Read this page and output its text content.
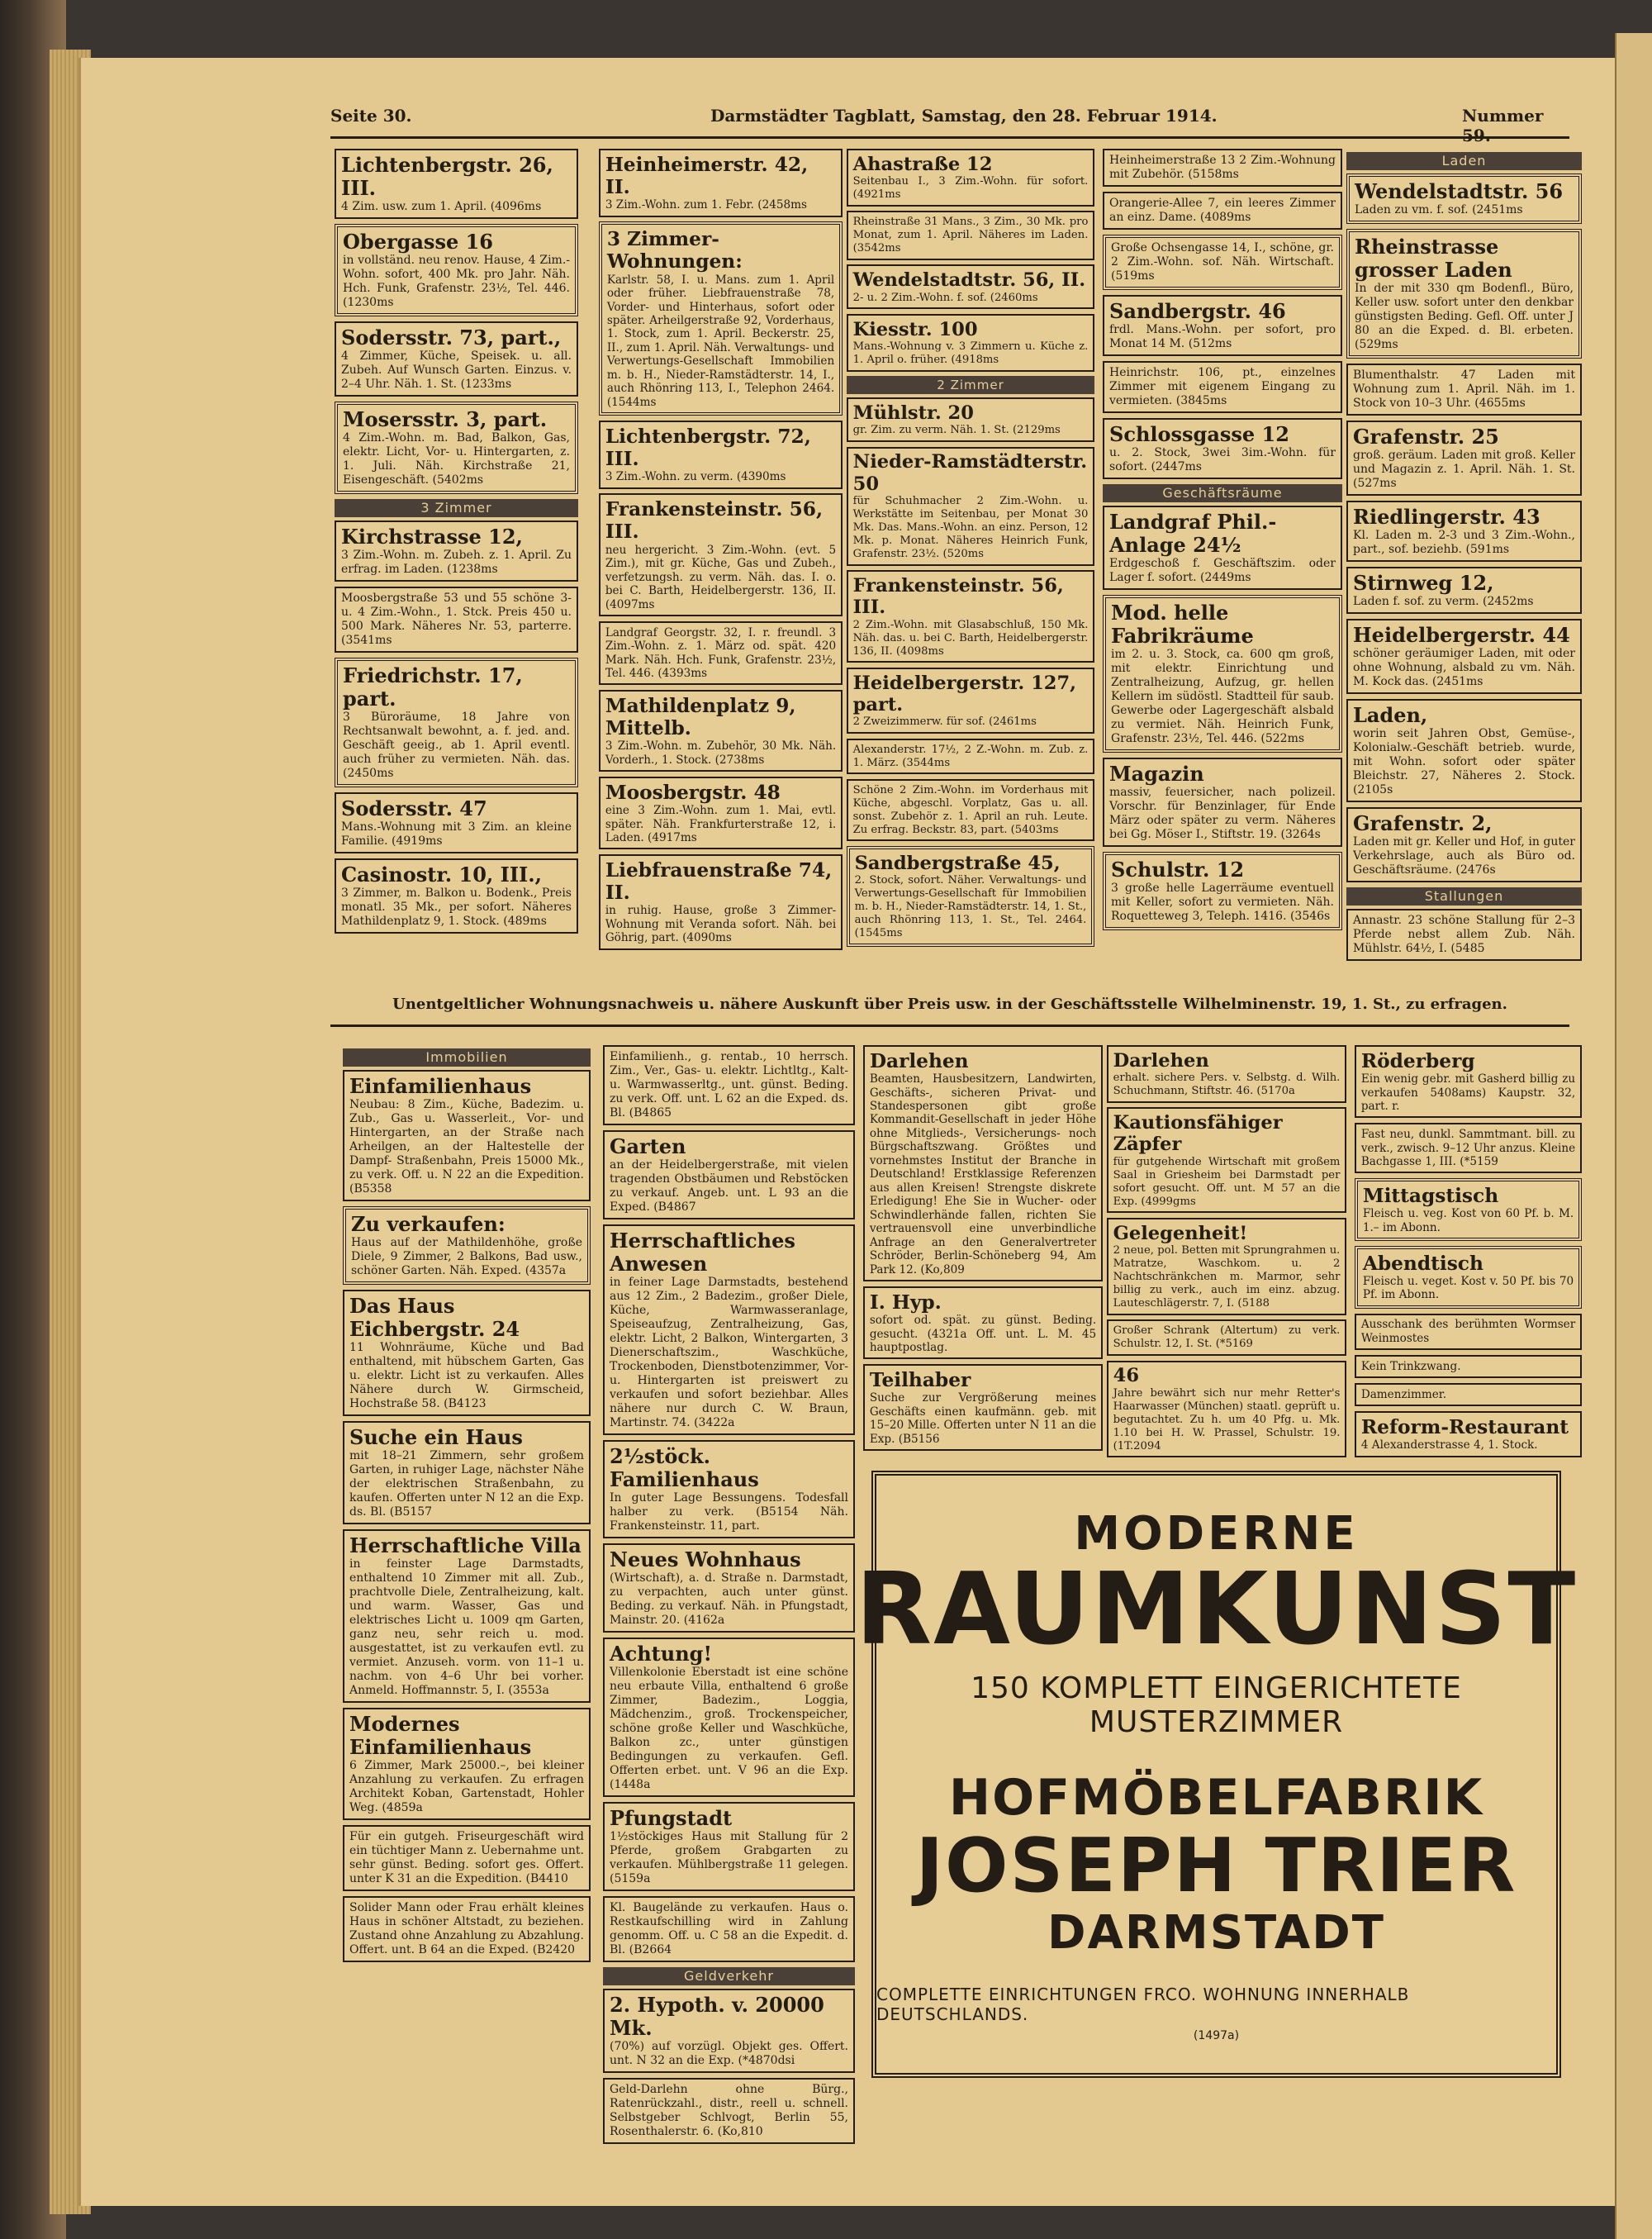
Seite 30.	Darmstädter Tagblatt, Samstag, den 28. Februar 1914.	Nummer 59.
Lichtenbergstr. 26, III.
4 Zim. usw. zum 1. April. (4096ms
Obergasse 16
in vollständ. neu renov. Hause, 4 Zim.-Wohn. sofort, 400 Mk. pro Jahr. Näh. Hch. Funk, Grafenstr. 23½, Tel. 446. (1230ms
Sodersstr. 73, part.,
4 Zimmer, Küche, Speisek. u. all. Zubeh. Auf Wunsch Garten. Einzus. v. 2–4 Uhr. Näh. 1. St. (1233ms
Mosersstr. 3, part.
4 Zim.-Wohn. m. Bad, Balkon, Gas, elektr. Licht, Vor- u. Hintergarten, z. 1. Juli. Näh. Kirchstraße 21, Eisengeschäft. (5402ms
3 Zimmer
Kirchstrasse 12,
3 Zim.-Wohn. m. Zubeh. z. 1. April. Zu erfrag. im Laden. (1238ms
Moosbergstraße 53 und 55 schöne 3- u. 4 Zim.-Wohn., 1. Stck. Preis 450 u. 500 Mark. Näheres Nr. 53, parterre. (3541ms
Friedrichstr. 17, part.
3 Büroräume, 18 Jahre von Rechtsanwalt bewohnt, a. f. jed. and. Geschäft geeig., ab 1. April eventl. auch früher zu vermieten. Näh. das. (2450ms
Sodersstr. 47
Mans.-Wohnung mit 3 Zim. an kleine Familie. (4919ms
Casinostr. 10, III.,
3 Zimmer, m. Balkon u. Bodenk., Preis monatl. 35 Mk., per sofort. Näheres Mathildenplatz 9, 1. Stock. (489ms
Heinheimerstr. 42, II.
3 Zim.-Wohn. zum 1. Febr. (2458ms
3 Zimmer-Wohnungen:
Karlstr. 58, I. u. Mans. zum 1. April oder früher. Liebfrauenstraße 78, Vorder- und Hinterhaus, sofort oder später. Arheilgerstraße 92, Vorderhaus, 1. Stock, zum 1. April. Beckerstr. 25, II., zum 1. April. Näh. Verwaltungs- und Verwertungs-Gesellschaft Immobilien m. b. H., Nieder-Ramstädterstr. 14, I., auch Rhönring 113, I., Telephon 2464. (1544ms
Lichtenbergstr. 72, III.
3 Zim.-Wohn. zu verm. (4390ms
Frankensteinstr. 56, III.
neu hergericht. 3 Zim.-Wohn. (evt. 5 Zim.), mit gr. Küche, Gas und Zubeh., verfetzungsh. zu verm. Näh. das. I. o. bei C. Barth, Heidelbergerstr. 136, II. (4097ms
Landgraf Georgstr. 32, I. r. freundl. 3 Zim.-Wohn. z. 1. März od. spät. 420 Mark. Näh. Hch. Funk, Grafenstr. 23½, Tel. 446. (4393ms
Mathildenplatz 9, Mittelb.
3 Zim.-Wohn. m. Zubehör, 30 Mk. Näh. Vorderh., 1. Stock. (2738ms
Moosbergstr. 48
eine 3 Zim.-Wohn. zum 1. Mai, evtl. später. Näh. Frankfurterstraße 12, i. Laden. (4917ms
Liebfrauenstraße 74, II.
in ruhig. Hause, große 3 Zimmer-Wohnung mit Veranda sofort. Näh. bei Göhrig, part. (4090ms
Ahastraße 12
Seitenbau I., 3 Zim.-Wohn. für sofort. (4921ms
Rheinstraße 31 Mans., 3 Zim., 30 Mk. pro Monat, zum 1. April. Näheres im Laden. (3542ms
Wendelstadtstr. 56, II.
2- u. 2 Zim.-Wohn. f. sof. (2460ms
Kiesstr. 100
Mans.-Wohnung v. 3 Zimmern u. Küche z. 1. April o. früher. (4918ms
2 Zimmer
Mühlstr. 20
gr. Zim. zu verm. Näh. 1. St. (2129ms
Nieder-Ramstädterstr. 50
für Schuhmacher 2 Zim.-Wohn. u. Werkstätte im Seitenbau, per Monat 30 Mk. Das. Mans.-Wohn. an einz. Person, 12 Mk. p. Monat. Näheres Heinrich Funk, Grafenstr. 23½. (520ms
Frankensteinstr. 56, III.
2 Zim.-Wohn. mit Glasabschluß, 150 Mk. Näh. das. u. bei C. Barth, Heidelbergerstr. 136, II. (4098ms
Heidelbergerstr. 127, part.
2 Zweizimmerw. für sof. (2461ms
Alexanderstr. 17½, 2 Z.-Wohn. m. Zub. z. 1. März. (3544ms
Schöne 2 Zim.-Wohn. im Vorderhaus mit Küche, abgeschl. Vorplatz, Gas u. all. sonst. Zubehör z. 1. April an ruh. Leute. Zu erfrag. Beckstr. 83, part. (5403ms
Sandbergstraße 45,
2. Stock, sofort. Näher. Verwaltungs- und Verwertungs-Gesellschaft für Immobilien m. b. H., Nieder-Ramstädterstr. 14, 1. St., auch Rhönring 113, 1. St., Tel. 2464. (1545ms
Heinheimerstraße 13 2 Zim.-Wohnung mit Zubehör. (5158ms
Orangerie-Allee 7, ein leeres Zimmer an einz. Dame. (4089ms
Große Ochsengasse 14, I., schöne, gr. 2 Zim.-Wohn. sof. Näh. Wirtschaft. (519ms
Sandbergstr. 46
frdl. Mans.-Wohn. per sofort, pro Monat 14 M. (512ms
Heinrichstr. 106, pt., einzelnes Zimmer mit eigenem Eingang zu vermieten. (3845ms
Schlossgasse 12
u. 2. Stock, 3wei 3im.-Wohn. für sofort. (2447ms
Geschäftsräume
Landgraf Phil.-Anlage 24½
Erdgeschoß f. Geschäftszim. oder Lager f. sofort. (2449ms
Mod. helle Fabrikräume
im 2. u. 3. Stock, ca. 600 qm groß, mit elektr. Einrichtung und Zentralheizung, Aufzug, gr. hellen Kellern im südöstl. Stadtteil für saub. Gewerbe oder Lagergeschäft alsbald zu vermiet. Näh. Heinrich Funk, Grafenstr. 23½, Tel. 446. (522ms
Magazin
massiv, feuersicher, nach polizeil. Vorschr. für Benzinlager, für Ende März oder später zu verm. Näheres bei Gg. Möser I., Stiftstr. 19. (3264s
Schulstr. 12
3 große helle Lagerräume eventuell mit Keller, sofort zu vermieten. Näh. Roquetteweg 3, Teleph. 1416. (3546s
Laden
Wendelstadtstr. 56
Laden zu vm. f. sof. (2451ms
Rheinstrasse grosser Laden
In der mit 330 qm Bodenfl., Büro, Keller usw. sofort unter den denkbar günstigsten Beding. Gefl. Off. unter J 80 an die Exped. d. Bl. erbeten. (529ms
Blumenthalstr. 47 Laden mit Wohnung zum 1. April. Näh. im 1. Stock von 10–3 Uhr. (4655ms
Grafenstr. 25
groß. geräum. Laden mit groß. Keller und Magazin z. 1. April. Näh. 1. St. (527ms
Riedlingerstr. 43
Kl. Laden m. 2-3 und 3 Zim.-Wohn., part., sof. beziehb. (591ms
Stirnweg 12,
Laden f. sof. zu verm. (2452ms
Heidelbergerstr. 44
schöner geräumiger Laden, mit oder ohne Wohnung, alsbald zu vm. Näh. M. Kock das. (2451ms
Laden,
worin seit Jahren Obst, Gemüse-, Kolonialw.-Geschäft betrieb. wurde, mit Wohn. sofort oder später Bleichstr. 27, Näheres 2. Stock. (2105s
Grafenstr. 2,
Laden mit gr. Keller und Hof, in guter Verkehrslage, auch als Büro od. Geschäftsräume. (2476s
Stallungen
Annastr. 23 schöne Stallung für 2–3 Pferde nebst allem Zub. Näh. Mühlstr. 64½, I. (5485
Unentgeltlicher Wohnungsnachweis u. nähere Auskunft über Preis usw. in der Geschäftsstelle Wilhelminenstr. 19, 1. St., zu erfragen.
Immobilien
Einfamilienhaus
Neubau: 8 Zim., Küche, Badezim. u. Zub., Gas u. Wasserleit., Vor- und Hintergarten, an der Straße nach Arheilgen, an der Haltestelle der Dampf- Straßenbahn, Preis 15000 Mk., zu verk. Off. u. N 22 an die Expedition. (B5358
Zu verkaufen:
Haus auf der Mathildenhöhe, große Diele, 9 Zimmer, 2 Balkons, Bad usw., schöner Garten. Näh. Exped. (4357a
Das Haus Eichbergstr. 24
11 Wohnräume, Küche und Bad enthaltend, mit hübschem Garten, Gas u. elektr. Licht ist zu verkaufen. Alles Nähere durch W. Girmscheid, Hochstraße 58. (B4123
Suche ein Haus
mit 18–21 Zimmern, sehr großem Garten, in ruhiger Lage, nächster Nähe der elektrischen Straßenbahn, zu kaufen. Offerten unter N 12 an die Exp. ds. Bl. (B5157
Herrschaftliche Villa
in feinster Lage Darmstadts, enthaltend 10 Zimmer mit all. Zub., prachtvolle Diele, Zentralheizung, kalt. und warm. Wasser, Gas und elektrisches Licht u. 1009 qm Garten, ganz neu, sehr reich u. mod. ausgestattet, ist zu verkaufen evtl. zu vermiet. Anzuseh. vorm. von 11–1 u. nachm. von 4–6 Uhr bei vorher. Anmeld. Hoffmannstr. 5, I. (3553a
Modernes Einfamilienhaus
6 Zimmer, Mark 25000.–, bei kleiner Anzahlung zu verkaufen. Zu erfragen Architekt Koban, Gartenstadt, Hohler Weg. (4859a
Für ein gutgeh. Friseurgeschäft wird ein tüchtiger Mann z. Uebernahme unt. sehr günst. Beding. sofort ges. Offert. unter K 31 an die Expedition. (B4410
Solider Mann oder Frau erhält kleines Haus in schöner Altstadt, zu beziehen. Zustand ohne Anzahlung zu Abzahlung. Offert. unt. B 64 an die Exped. (B2420
Einfamilienh., g. rentab., 10 herrsch. Zim., Ver., Gas- u. elektr. Lichtltg., Kalt- u. Warmwasserltg., unt. günst. Beding. zu verk. Off. unt. L 62 an die Exped. ds. Bl. (B4865
Garten
an der Heidelbergerstraße, mit vielen tragenden Obstbäumen und Rebstöcken zu verkauf. Angeb. unt. L 93 an die Exped. (B4867
Herrschaftliches Anwesen
in feiner Lage Darmstadts, bestehend aus 12 Zim., 2 Badezim., großer Diele, Küche, Warmwasseranlage, Speiseaufzug, Zentralheizung, Gas, elektr. Licht, 2 Balkon, Wintergarten, 3 Dienerschaftszim., Waschküche, Trockenboden, Dienstbotenzimmer, Vor- u. Hintergarten ist preiswert zu verkaufen und sofort beziehbar. Alles nähere nur durch C. W. Braun, Martinstr. 74. (3422a
2½stöck. Familienhaus
In guter Lage Bessungens. Todesfall halber zu verk. (B5154 Näh. Frankensteinstr. 11, part.
Neues Wohnhaus
(Wirtschaft), a. d. Straße n. Darmstadt, zu verpachten, auch unter günst. Beding. zu verkauf. Näh. in Pfungstadt, Mainstr. 20. (4162a
Achtung!
Villenkolonie Eberstadt ist eine schöne neu erbaute Villa, enthaltend 6 große Zimmer, Badezim., Loggia, Mädchenzim., groß. Trockenspeicher, schöne große Keller und Waschküche, Balkon zc., unter günstigen Bedingungen zu verkaufen. Gefl. Offerten erbet. unt. V 96 an die Exp. (1448a
Pfungstadt
1½stöckiges Haus mit Stallung für 2 Pferde, großem Grabgarten zu verkaufen. Mühlbergstraße 11 gelegen. (5159a
Kl. Baugelände zu verkaufen. Haus o. Restkaufschilling wird in Zahlung genomm. Off. u. C 58 an die Expedit. d. Bl. (B2664
Geldverkehr
2. Hypoth. v. 20000 Mk.
(70%) auf vorzügl. Objekt ges. Offert. unt. N 32 an die Exp. (*4870dsi
Geld-Darlehn ohne Bürg., Ratenrückzahl., distr., reell u. schnell. Selbstgeber Schlvogt, Berlin 55, Rosenthalerstr. 6. (Ko,810
Darlehen
Beamten, Hausbesitzern, Landwirten, Geschäfts-, sicheren Privat- und Standespersonen gibt große Kommandit-Gesellschaft in jeder Höhe ohne Mitglieds-, Versicherungs- noch Bürgschaftszwang. Größtes und vornehmstes Institut der Branche in Deutschland! Erstklassige Referenzen aus allen Kreisen! Strengste diskrete Erledigung! Ehe Sie in Wucher- oder Schwindlerhände fallen, richten Sie vertrauensvoll eine unverbindliche Anfrage an den Generalvertreter Schröder, Berlin-Schöneberg 94, Am Park 12. (Ko,809
I. Hyp.
sofort od. spät. zu günst. Beding. gesucht. (4321a Off. unt. L. M. 45 hauptpostlag.
Teilhaber
Suche zur Vergrößerung meines Geschäfts einen kaufmänn. geb. mit 15–20 Mille. Offerten unter N 11 an die Exp. (B5156
Darlehen
erhalt. sichere Pers. v. Selbstg. d. Wilh. Schuchmann, Stiftstr. 46. (5170a
Kautionsfähiger Zäpfer
für gutgehende Wirtschaft mit großem Saal in Griesheim bei Darmstadt per sofort gesucht. Off. unt. M 57 an die Exp. (4999gms
Gelegenheit!
2 neue, pol. Betten mit Sprungrahmen u. Matratze, Waschkom. u. 2 Nachtschränkchen m. Marmor, sehr billig zu verk., auch im einz. abzug. Lauteschlägerstr. 7, I. (5188
Großer Schrank (Altertum) zu verk. Schulstr. 12, I. St. (*5169
46
Jahre bewährt sich nur mehr Retter's Haarwasser (München) staatl. geprüft u. begutachtet. Zu h. um 40 Pfg. u. Mk. 1.10 bei H. W. Prassel, Schulstr. 19. (1T.2094
Röderberg
Ein wenig gebr. mit Gasherd billig zu verkaufen 5408ams) Kaupstr. 32, part. r.
Fast neu, dunkl. Sammtmant. bill. zu verk., zwisch. 9–12 Uhr anzus. Kleine Bachgasse 1, III. (*5159
Mittagstisch
Fleisch u. veg. Kost von 60 Pf. b. M. 1.– im Abonn.
Abendtisch
Fleisch u. veget. Kost v. 50 Pf. bis 70 Pf. im Abonn.
Ausschank des berühmten Wormser Weinmostes
Kein Trinkzwang.
Damenzimmer.
Reform-Restaurant
4 Alexanderstrasse 4, 1. Stock.
MODERNE
RAUMKUNST
150 KOMPLETT EINGERICHTETE
MUSTERZIMMER
HOFMÖBELFABRIK
JOSEPH TRIER
DARMSTADT
COMPLETTE EINRICHTUNGEN FRCO. WOHNUNG INNERHALB DEUTSCHLANDS.
(1497a)
